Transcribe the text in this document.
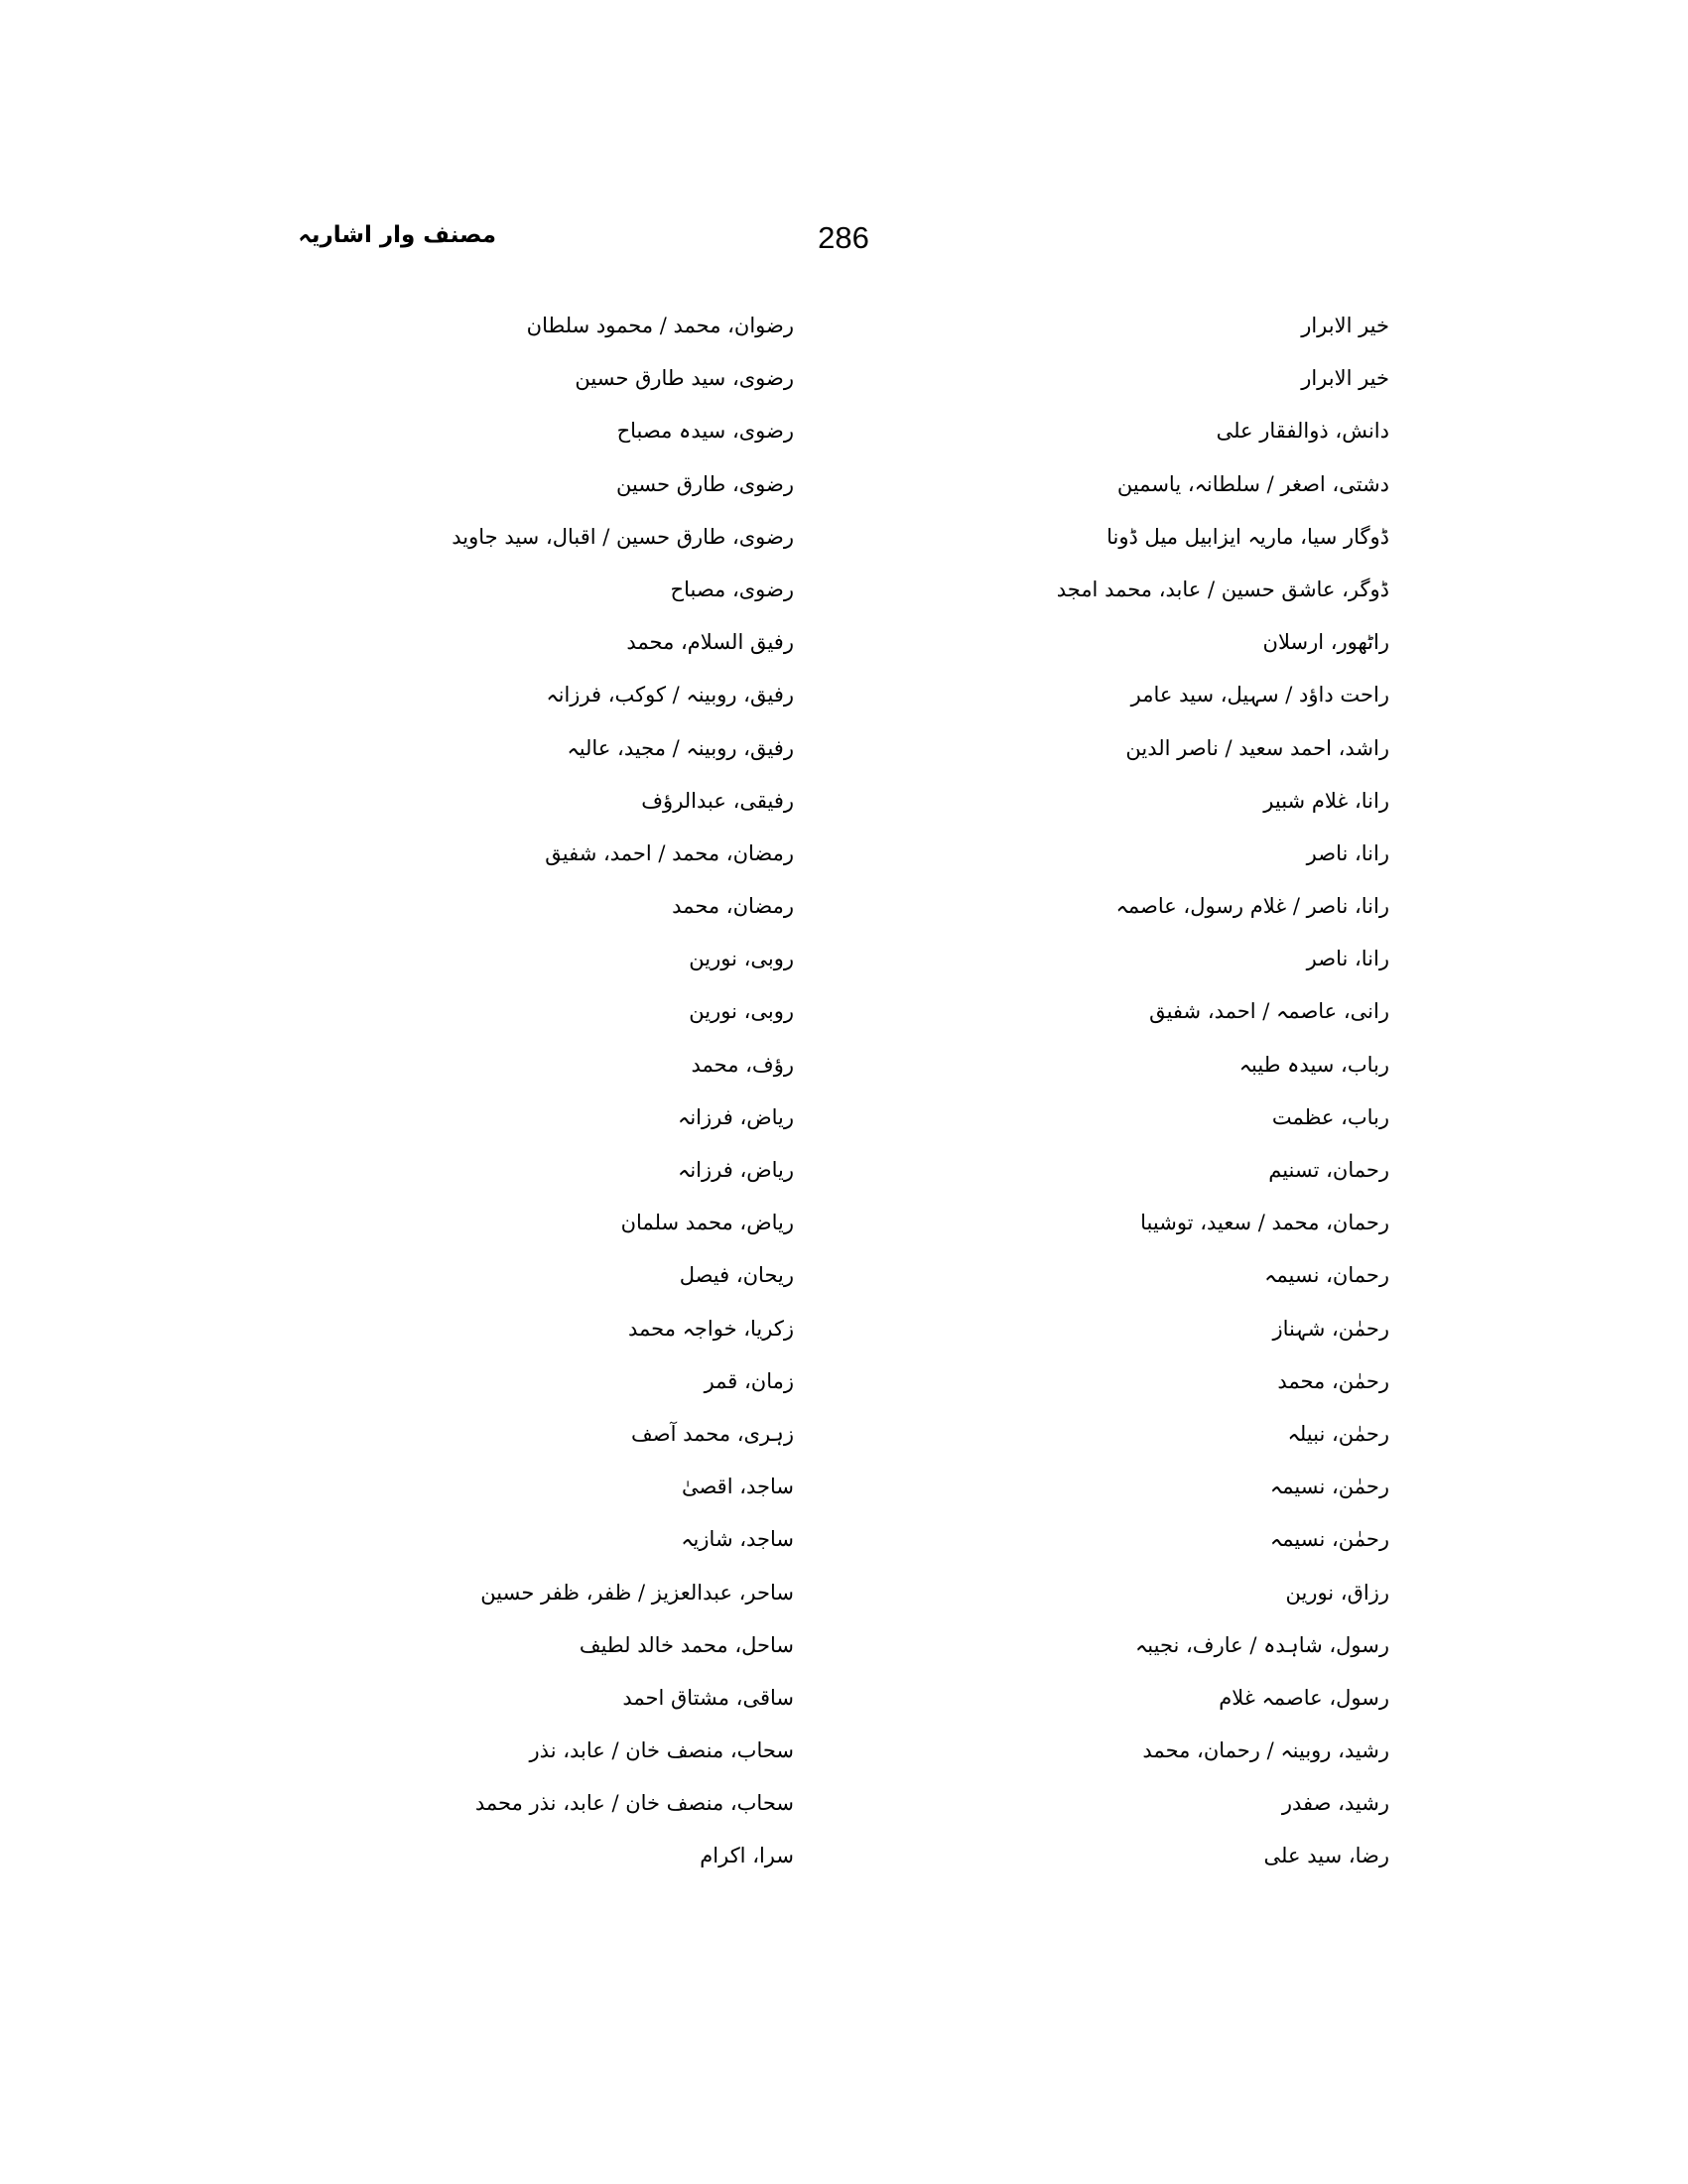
286
مصنف وار اشاریہ
خیر الابرار
خیر الابرار
دانش، ذوالفقار علی
دشتی، اصغر / سلطانہ، یاسمین
ڈوگار سیا، ماریہ ایزابیل میل ڈونا
ڈوگر، عاشق حسین / عابد، محمد امجد
راٹھور، ارسلان
راحت داؤد / سہیل، سید عامر
راشد، احمد سعید / ناصر الدین
رانا، غلام شبیر
رانا، ناصر
رانا، ناصر / غلام رسول، عاصمہ
رانا، ناصر
رانی، عاصمہ / احمد، شفیق
رباب، سیدہ طیبہ
رباب، عظمت
رحمان، تسنیم
رحمان، محمد / سعید، توشیبا
رحمان، نسیمہ
رحمٰن، شہناز
رحمٰن، محمد
رحمٰن، نبیلہ
رحمٰن، نسیمہ
رحمٰن، نسیمہ
رزاق، نورین
رسول، شاہدہ / عارف، نجیبہ
رسول، عاصمہ غلام
رشید، روبینہ / رحمان، محمد
رشید، صفدر
رضا، سید علی
رضوان، محمد / محمود سلطان
رضوی، سید طارق حسین
رضوی، سیدہ مصباح
رضوی، طارق حسین
رضوی، طارق حسین / اقبال، سید جاوید
رضوی، مصباح
رفیق السلام، محمد
رفیق، روبینہ / کوکب، فرزانہ
رفیق، روبینہ / مجید، عالیہ
رفیقی، عبدالرؤف
رمضان، محمد / احمد، شفیق
رمضان، محمد
روبی، نورین
روبی، نورین
رؤف، محمد
ریاض، فرزانہ
ریاض، فرزانہ
ریاض، محمد سلمان
ریحان، فیصل
زکریا، خواجہ محمد
زمان، قمر
زہری، محمد آصف
ساجد، اقصیٰ
ساجد، شازیہ
ساحر، عبدالعزیز / ظفر، ظفر حسین
ساحل، محمد خالد لطیف
ساقی، مشتاق احمد
سحاب، منصف خان / عابد، نذر
سحاب، منصف خان / عابد، نذر محمد
سرا، اکرام
